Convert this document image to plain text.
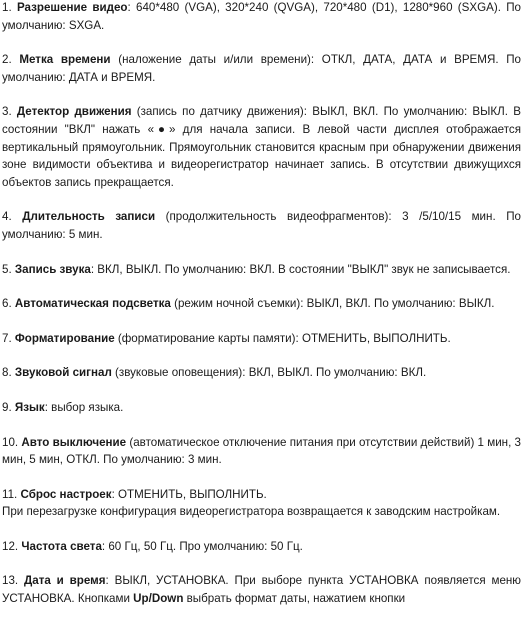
1. Разрешение видео: 640*480 (VGA), 320*240 (QVGA), 720*480 (D1), 1280*960 (SXGA). По умолчанию: SXGA.

2. Метка времени (наложение даты и/или времени): ОТКЛ, ДАТА, ДАТА и ВРЕМЯ. По умолчанию: ДАТА и ВРЕМЯ.

3. Детектор движения (запись по датчику движения): ВЫКЛ, ВКЛ. По умолчанию: ВЫКЛ. В состоянии "ВКЛ" нажать «●» для начала записи. В левой части дисплея отображается вертикальный прямоугольник. Прямоугольник становится красным при обнаружении движения зоне видимости объектива и видеорегистратор начинает запись. В отсутствии движущихся объектов запись прекращается.

4. Длительность записи (продолжительность видеофрагментов): 3 /5/10/15 мин. По умолчанию: 5 мин.

5. Запись звука: ВКЛ, ВЫКЛ. По умолчанию: ВКЛ. В состоянии "ВЫКЛ" звук не записывается.

6. Автоматическая подсветка (режим ночной съемки): ВЫКЛ, ВКЛ. По умолчанию: ВЫКЛ.

7. Форматирование (форматирование карты памяти): ОТМЕНИТЬ, ВЫПОЛНИТЬ.

8. Звуковой сигнал (звуковые оповещения): ВКЛ, ВЫКЛ. По умолчанию: ВКЛ.

9. Язык: выбор языка.

10. Авто выключение (автоматическое отключение питания при отсутствии действий) 1 мин, 3 мин, 5 мин, ОТКЛ. По умолчанию: 3 мин.

11. Сброс настроек: ОТМЕНИТЬ, ВЫПОЛНИТЬ.
При перезагрузке конфигурация видеорегистратора возвращается к заводским настройкам.

12. Частота света: 60 Гц, 50 Гц. Про умолчанию: 50 Гц.

13. Дата и время: ВЫКЛ, УСТАНОВКА. При выборе пункта УСТАНОВКА появляется меню УСТАНОВКА. Кнопками Up/Down выбрать формат даты, нажатием кнопки
